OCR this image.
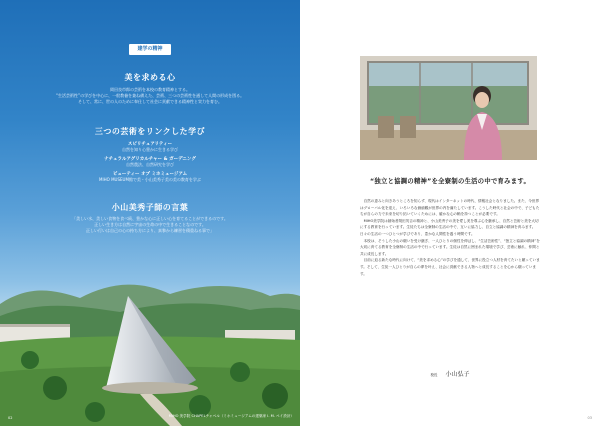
建学の精神
美を求める心
岡田良市郎の芸術を本校の教育精神とする。
“生活芸術性”の学びを中心に、一般教養を兼ね備えた、芸術、三つの芸術性を通して人間の形成を図る。
そして、常に、世の人のために奉仕して社会に貢献できる精神性と実力を育む。
三つの芸術をリンクした学び
スピリチュアリティー
自然を知り心豊かに生きる学び
ナチュラルアグリカルチャー & ガーデニング
自然農法、自然研究を学び
ビューティー オブ ミホミュージアム
MIHO MUSEUM館で美・小山美秀子美の美の教育を学ぶ
小山美秀子師の言葉
「美しい水、美しい食物を食べ続、豊かな心に正しい心を育てることができるのです。
正しい生き方は自然に宇宙の生命の中で生きることなのです。
正しい行いは自己の心の持ち方により、真摯から練習を積重ねる事で」
MIHO 美学院 CHAPELチャペル（ミホミュージアムの建築家 I. M. ペイ設計）
02
“独立と協調の精神”を全寮制の生活の中で育みます。

自然の恵みと向きあうところを知らず、現代はインターネットの時代、情報社会となりました。また、今世界はグローバル化を迎え、いろいろな価値観が世界の内を満たしています。こうした時代と社会の中で、子どもたちが自らの力で未来を切り拓いていくためには、確かな心の軸を持つことが必要です。

MIHO美学院は創始者岡田茂吉の精神と、小山美秀子の美を愛し美を尊ぶ心を継承し、自然と芸術と美を大切にする教育を行っています。生徒たちは全寮制の生活の中で、互いに協力し、自立と協調の精神を育みます。日々の生活の一つひとつが学びであり、豊かな人間性を養う時間です。

本校は、そうした小山の願いを受け継ぎ、一人ひとりの個性を伸ばし、“生活芸術性”、“独立と協調の精神”を大切に育てる教育を全寮制の生活の中で行っています。生徒は自然に囲まれた環境で学び、芸術に触れ、仲間と共に成長します。

目前に迫る新たな時代に向けて、“美を求める心”の学びを通して、世界に役立つ人材を育てたいと願っています。そして、生徒一人ひとりが自らの夢を叶え、社会に貢献できる人物へと成長することを心から願っています。

校長 小山弘子
03
